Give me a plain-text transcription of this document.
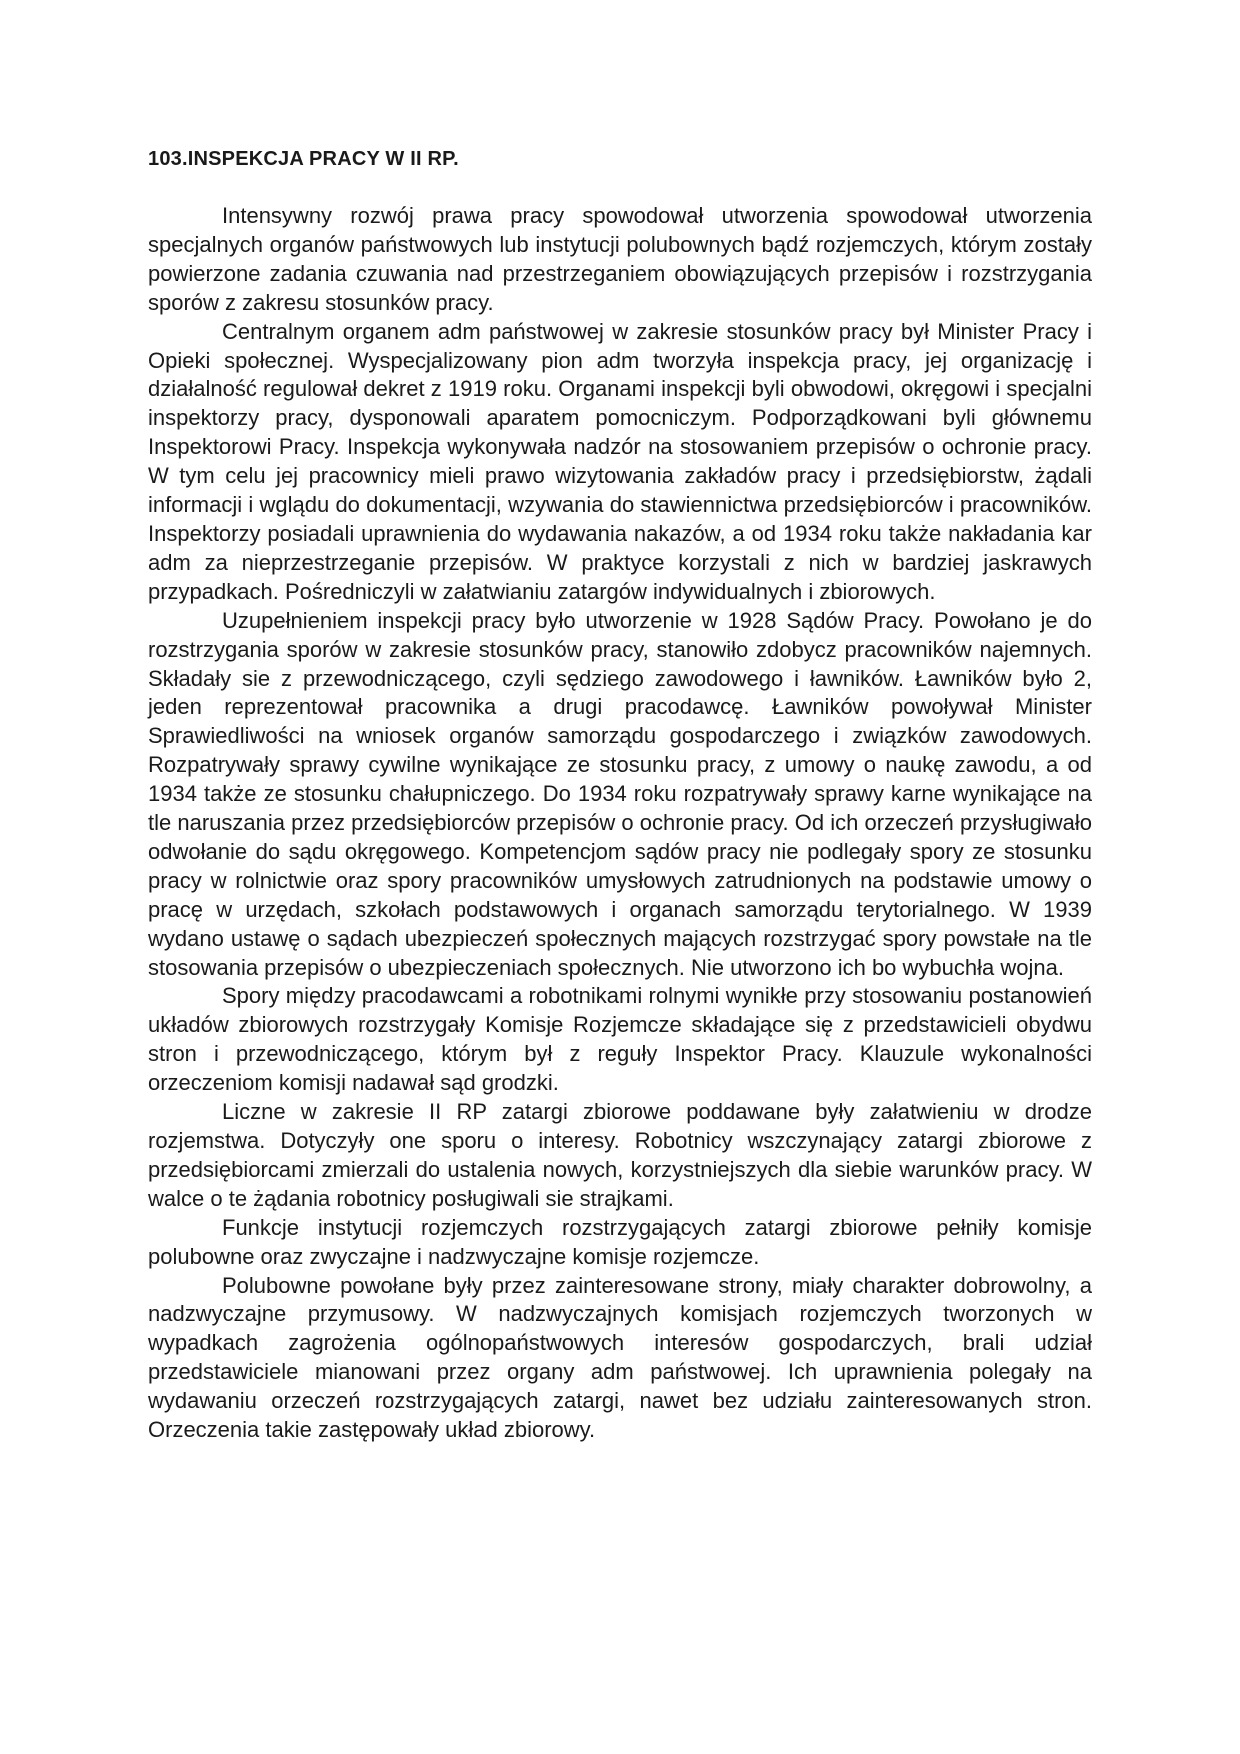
103.INSPEKCJA PRACY W II RP.

Intensywny rozwój prawa pracy spowodował utworzenia spowodował utworzenia specjalnych organów państwowych lub instytucji polubownych bądź rozjemczych, którym zostały powierzone zadania czuwania nad przestrzeganiem obowiązujących przepisów i rozstrzygania sporów z zakresu stosunków pracy.

Centralnym organem adm państwowej w zakresie stosunków pracy był Minister Pracy i Opieki społecznej. Wyspecjalizowany pion adm tworzyła inspekcja pracy, jej organizację i działalność regulował dekret z 1919 roku. Organami inspekcji byli obwodowi, okręgowi i specjalni inspektorzy pracy, dysponowali aparatem pomocniczym. Podporządkowani byli głównemu Inspektorowi Pracy. Inspekcja wykonywała nadzór na stosowaniem przepisów o ochronie pracy. W tym celu jej pracownicy mieli prawo wizytowania zakładów pracy i przedsiębiorstw, żądali informacji i wglądu do dokumentacji, wzywania do stawiennictwa przedsiębiorców i pracowników. Inspektorzy posiadali uprawnienia do wydawania nakazów, a od 1934 roku także nakładania kar adm za nieprzestrzeganie przepisów. W praktyce korzystali z nich w bardziej jaskrawych przypadkach. Pośredniczyli w załatwianiu zatargów indywidualnych i zbiorowych.

Uzupełnieniem inspekcji pracy było utworzenie w 1928 Sądów Pracy. Powołano je do rozstrzygania sporów w zakresie stosunków pracy, stanowiło zdobycz pracowników najemnych. Składały sie z przewodniczącego, czyli sędziego zawodowego i ławników. Ławników było 2, jeden reprezentował pracownika a drugi pracodawcę. Ławników powoływał Minister Sprawiedliwości na wniosek organów samorządu gospodarczego i związków zawodowych. Rozpatrywały sprawy cywilne wynikające ze stosunku pracy, z umowy o naukę zawodu, a od 1934 także ze stosunku chałupniczego. Do 1934 roku rozpatrywały sprawy karne wynikające na tle naruszania przez przedsiębiorców przepisów o ochronie pracy. Od ich orzeczeń przysługiwało odwołanie do sądu okręgowego. Kompetencjom sądów pracy nie podlegały spory ze stosunku pracy w rolnictwie oraz spory pracowników umysłowych zatrudnionych na podstawie umowy o pracę w urzędach, szkołach podstawowych i organach samorządu terytorialnego. W 1939 wydano ustawę o sądach ubezpieczeń społecznych mających rozstrzygać spory powstałe na tle stosowania przepisów o ubezpieczeniach społecznych. Nie utworzono ich bo wybuchła wojna.

Spory między pracodawcami a robotnikami rolnymi wynikłe przy stosowaniu postanowień układów zbiorowych rozstrzygały Komisje Rozjemcze składające się z przedstawicieli obydwu stron i przewodniczącego, którym był z reguły Inspektor Pracy. Klauzule wykonalności orzeczeniom komisji nadawał sąd grodzki.

Liczne w zakresie II RP zatargi zbiorowe poddawane były załatwieniu w drodze rozjemstwa. Dotyczyły one sporu o interesy. Robotnicy wszczynający zatargi zbiorowe z przedsiębiorcami zmierzali do ustalenia nowych, korzystniejszych dla siebie warunków pracy. W walce o te żądania robotnicy posługiwali sie strajkami.

Funkcje instytucji rozjemczych rozstrzygających zatargi zbiorowe pełniły komisje polubowne oraz zwyczajne i nadzwyczajne komisje rozjemcze.

Polubowne powołane były przez zainteresowane strony, miały charakter dobrowolny, a nadzwyczajne przymusowy. W nadzwyczajnych komisjach rozjemczych tworzonych w wypadkach zagrożenia ogólnopaństwowych interesów gospodarczych, brali udział przedstawiciele mianowani przez organy adm państwowej. Ich uprawnienia polegały na wydawaniu orzeczeń rozstrzygających zatargi, nawet bez udziału zainteresowanych stron. Orzeczenia takie zastępowały układ zbiorowy.
